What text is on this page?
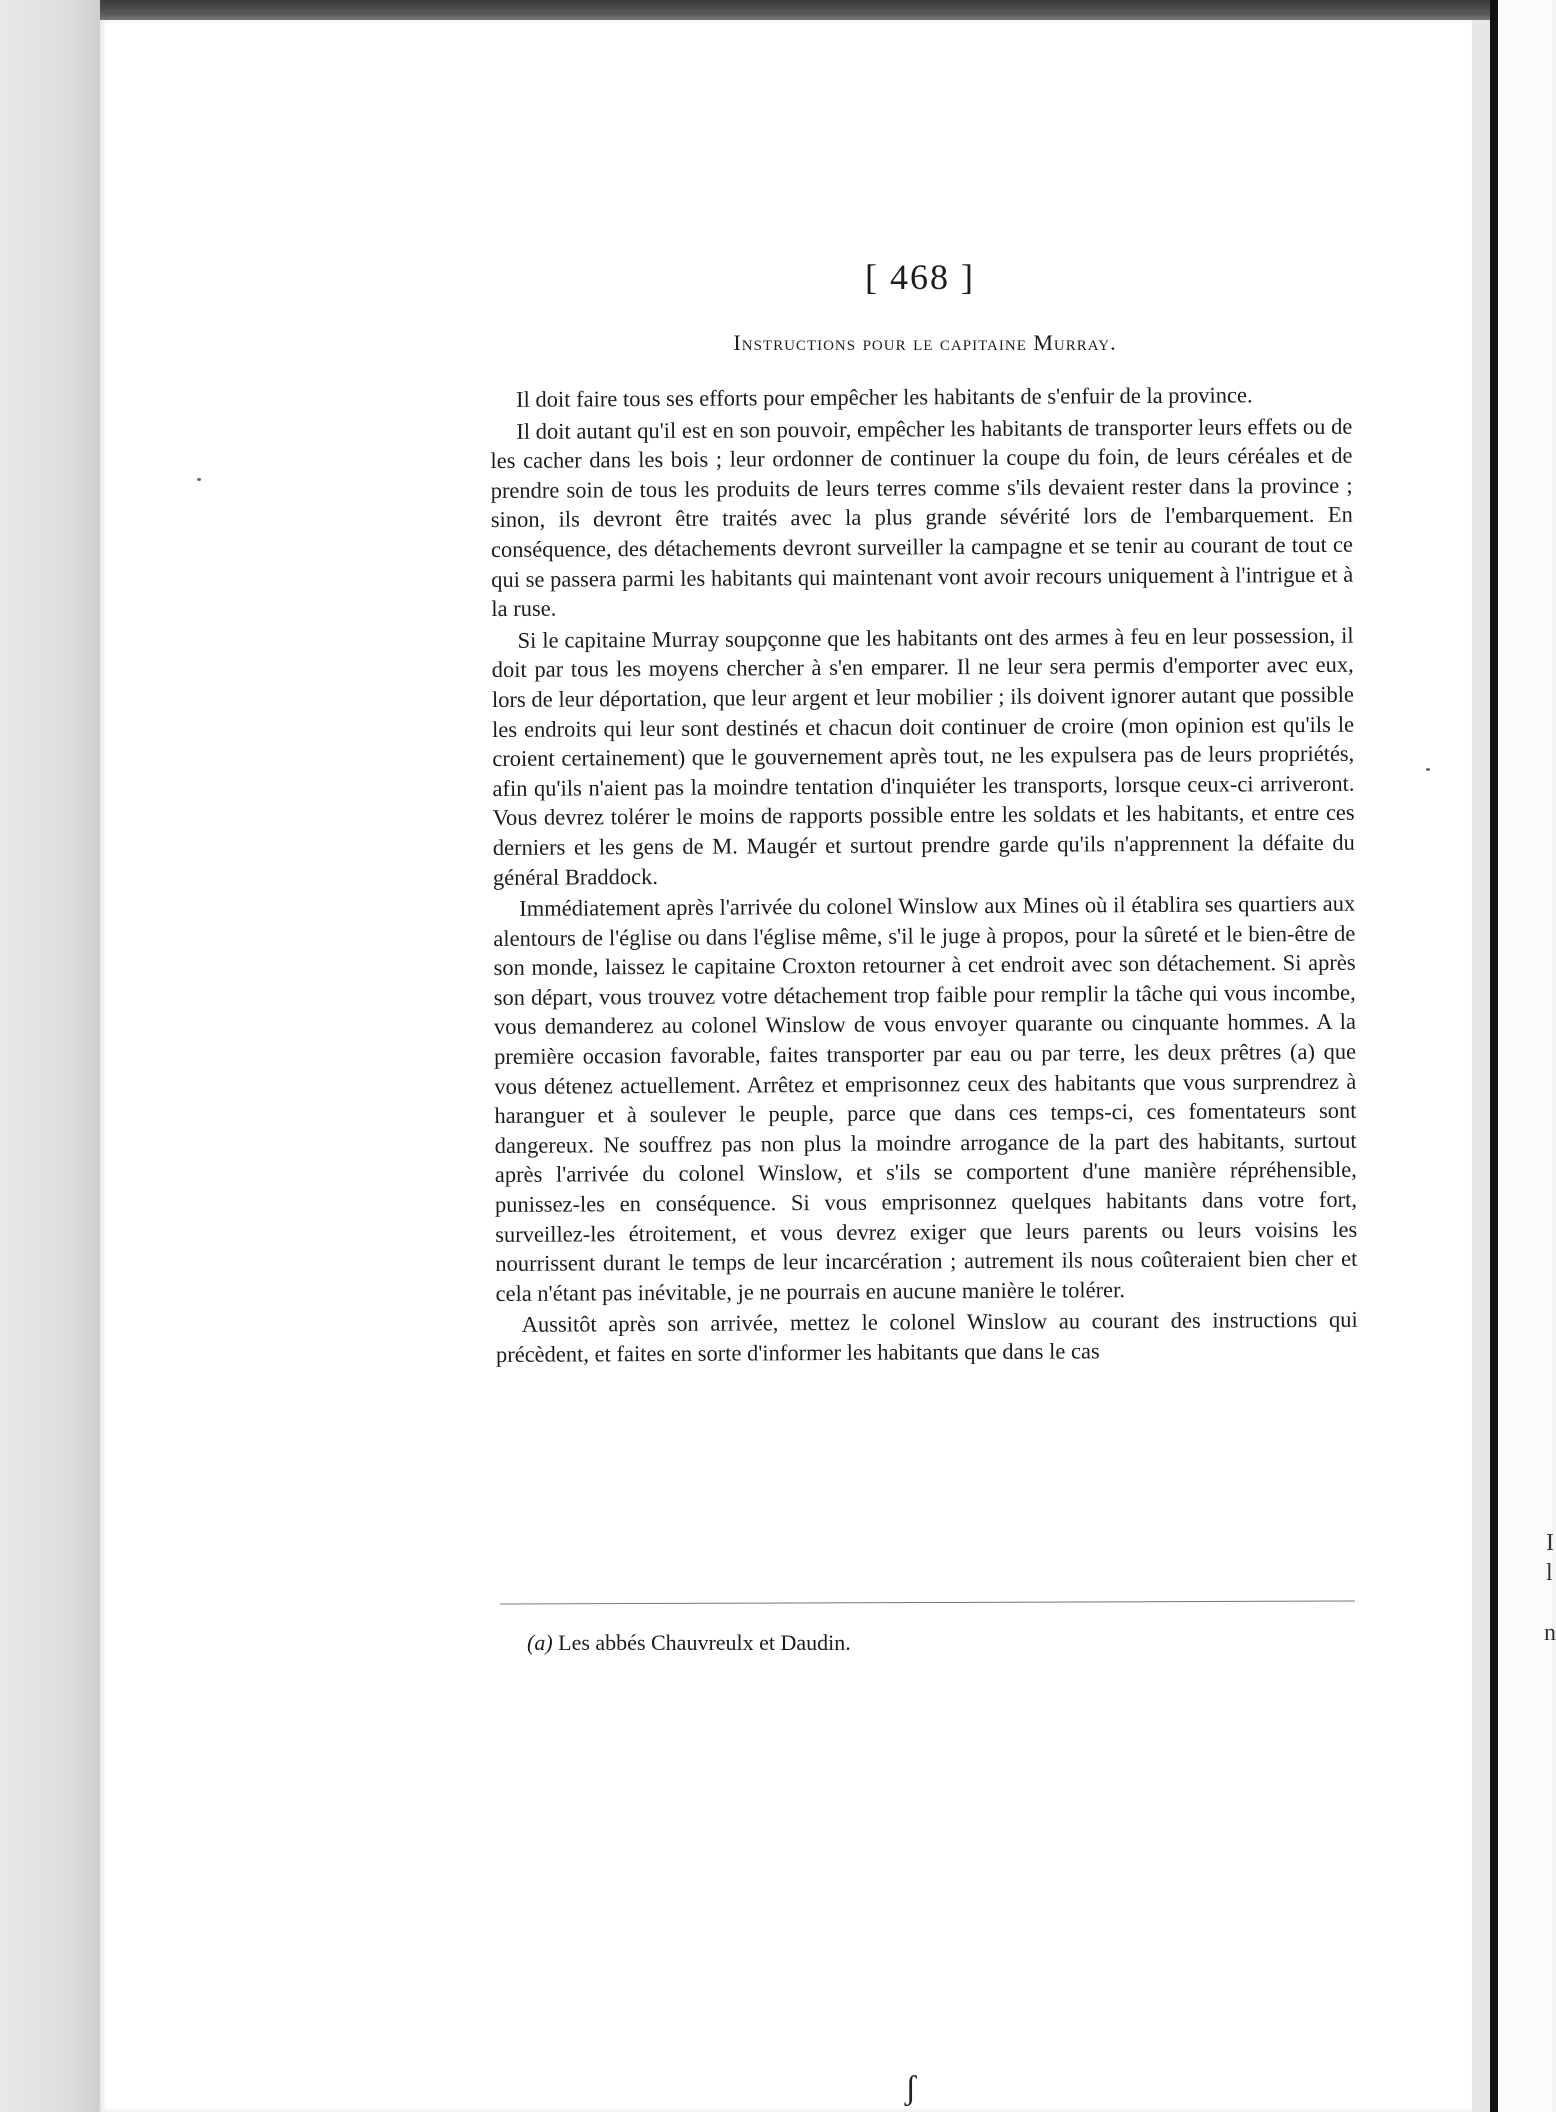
I
l
n
[ 468 ]
Instructions pour le capitaine Murray.

Il doit faire tous ses efforts pour empêcher les habitants de s'enfuir de la province.

Il doit autant qu'il est en son pouvoir, empêcher les habitants de transporter leurs effets ou de les cacher dans les bois ; leur ordonner de continuer la coupe du foin, de leurs céréales et de prendre soin de tous les produits de leurs terres comme s'ils devaient rester dans la province ; sinon, ils devront être traités avec la plus grande sévérité lors de l'embarquement. En conséquence, des détachements devront surveiller la campagne et se tenir au courant de tout ce qui se passera parmi les habitants qui maintenant vont avoir recours uniquement à l'intrigue et à la ruse.

Si le capitaine Murray soupçonne que les habitants ont des armes à feu en leur possession, il doit par tous les moyens chercher à s'en emparer. Il ne leur sera permis d'emporter avec eux, lors de leur déportation, que leur argent et leur mobilier ; ils doivent ignorer autant que possible les endroits qui leur sont destinés et chacun doit continuer de croire (mon opinion est qu'ils le croient certainement) que le gouvernement après tout, ne les expulsera pas de leurs propriétés, afin qu'ils n'aient pas la moindre tentation d'inquiéter les transports, lorsque ceux-ci arriveront. Vous devrez tolérer le moins de rapports possible entre les soldats et les habitants, et entre ces derniers et les gens de M. Maugér et surtout prendre garde qu'ils n'apprennent la défaite du général Braddock.

Immédiatement après l'arrivée du colonel Winslow aux Mines où il établira ses quartiers aux alentours de l'église ou dans l'église même, s'il le juge à propos, pour la sûreté et le bien-être de son monde, laissez le capitaine Croxton retourner à cet endroit avec son détachement. Si après son départ, vous trouvez votre détachement trop faible pour remplir la tâche qui vous incombe, vous demanderez au colonel Winslow de vous envoyer quarante ou cinquante hommes. A la première occasion favorable, faites transporter par eau ou par terre, les deux prêtres (a) que vous détenez actuellement. Arrêtez et emprisonnez ceux des habitants que vous surprendrez à haranguer et à soulever le peuple, parce que dans ces temps-ci, ces fomentateurs sont dangereux. Ne souffrez pas non plus la moindre arrogance de la part des habitants, surtout après l'arrivée du colonel Winslow, et s'ils se comportent d'une manière répréhensible, punissez-les en conséquence. Si vous emprisonnez quelques habitants dans votre fort, surveillez-les étroitement, et vous devrez exiger que leurs parents ou leurs voisins les nourrissent durant le temps de leur incarcération ; autrement ils nous coûteraient bien cher et cela n'étant pas inévitable, je ne pourrais en aucune manière le tolérer.

Aussitôt après son arrivée, mettez le colonel Winslow au courant des instructions qui précèdent, et faites en sorte d'informer les habitants que dans le cas

(a) Les abbés Chauvreulx et Daudin.
ʃ
